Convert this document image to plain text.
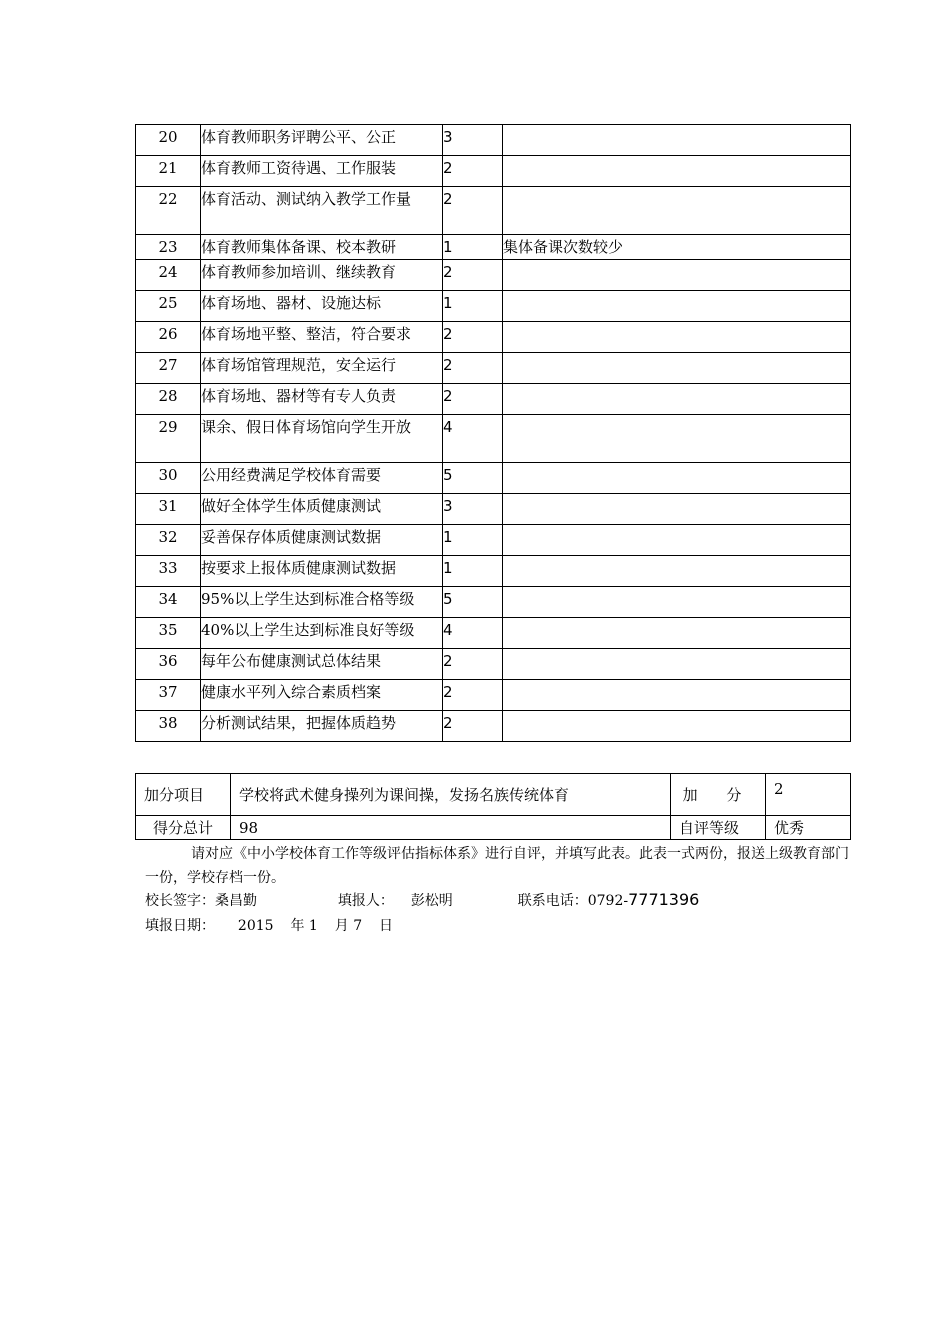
20	体育教师职务评聘公平、公正	3	
21	体育教师工资待遇、工作服装	2	
22	体育活动、测试纳入教学工作量	2	
23	体育教师集体备课、校本教研	1	集体备课次数较少
24	体育教师参加培训、继续教育	2	
25	体育场地、器材、设施达标	1	
26	体育场地平整、整洁，符合要求	2	
27	体育场馆管理规范，安全运行	2	
28	体育场地、器材等有专人负责	2	
29	课余、假日体育场馆向学生开放	4	
30	公用经费满足学校体育需要	5	
31	做好全体学生体质健康测试	3	
32	妥善保存体质健康测试数据	1	
33	按要求上报体质健康测试数据	1	
34	95%以上学生达到标准合格等级	5	
35	40%以上学生达到标准良好等级	4	
36	每年公布健康测试总体结果	2	
37	健康水平列入综合素质档案	2	
38	分析测试结果，把握体质趋势	2	
加分项目	学校将武术健身操列为课间操，发扬名族传统体育	加 分	2
得分总计	98	自评等级	优秀
请对应《中小学校体育工作等级评估指标体系》进行自评，并填写此表。此表一式两份，报送上级教育部门一份，学校存档一份。
校长签字：桑昌勤	填报人： 彭松明	联系电话：0792-7771396
填报日期： 2015 年 1 月 7 日
